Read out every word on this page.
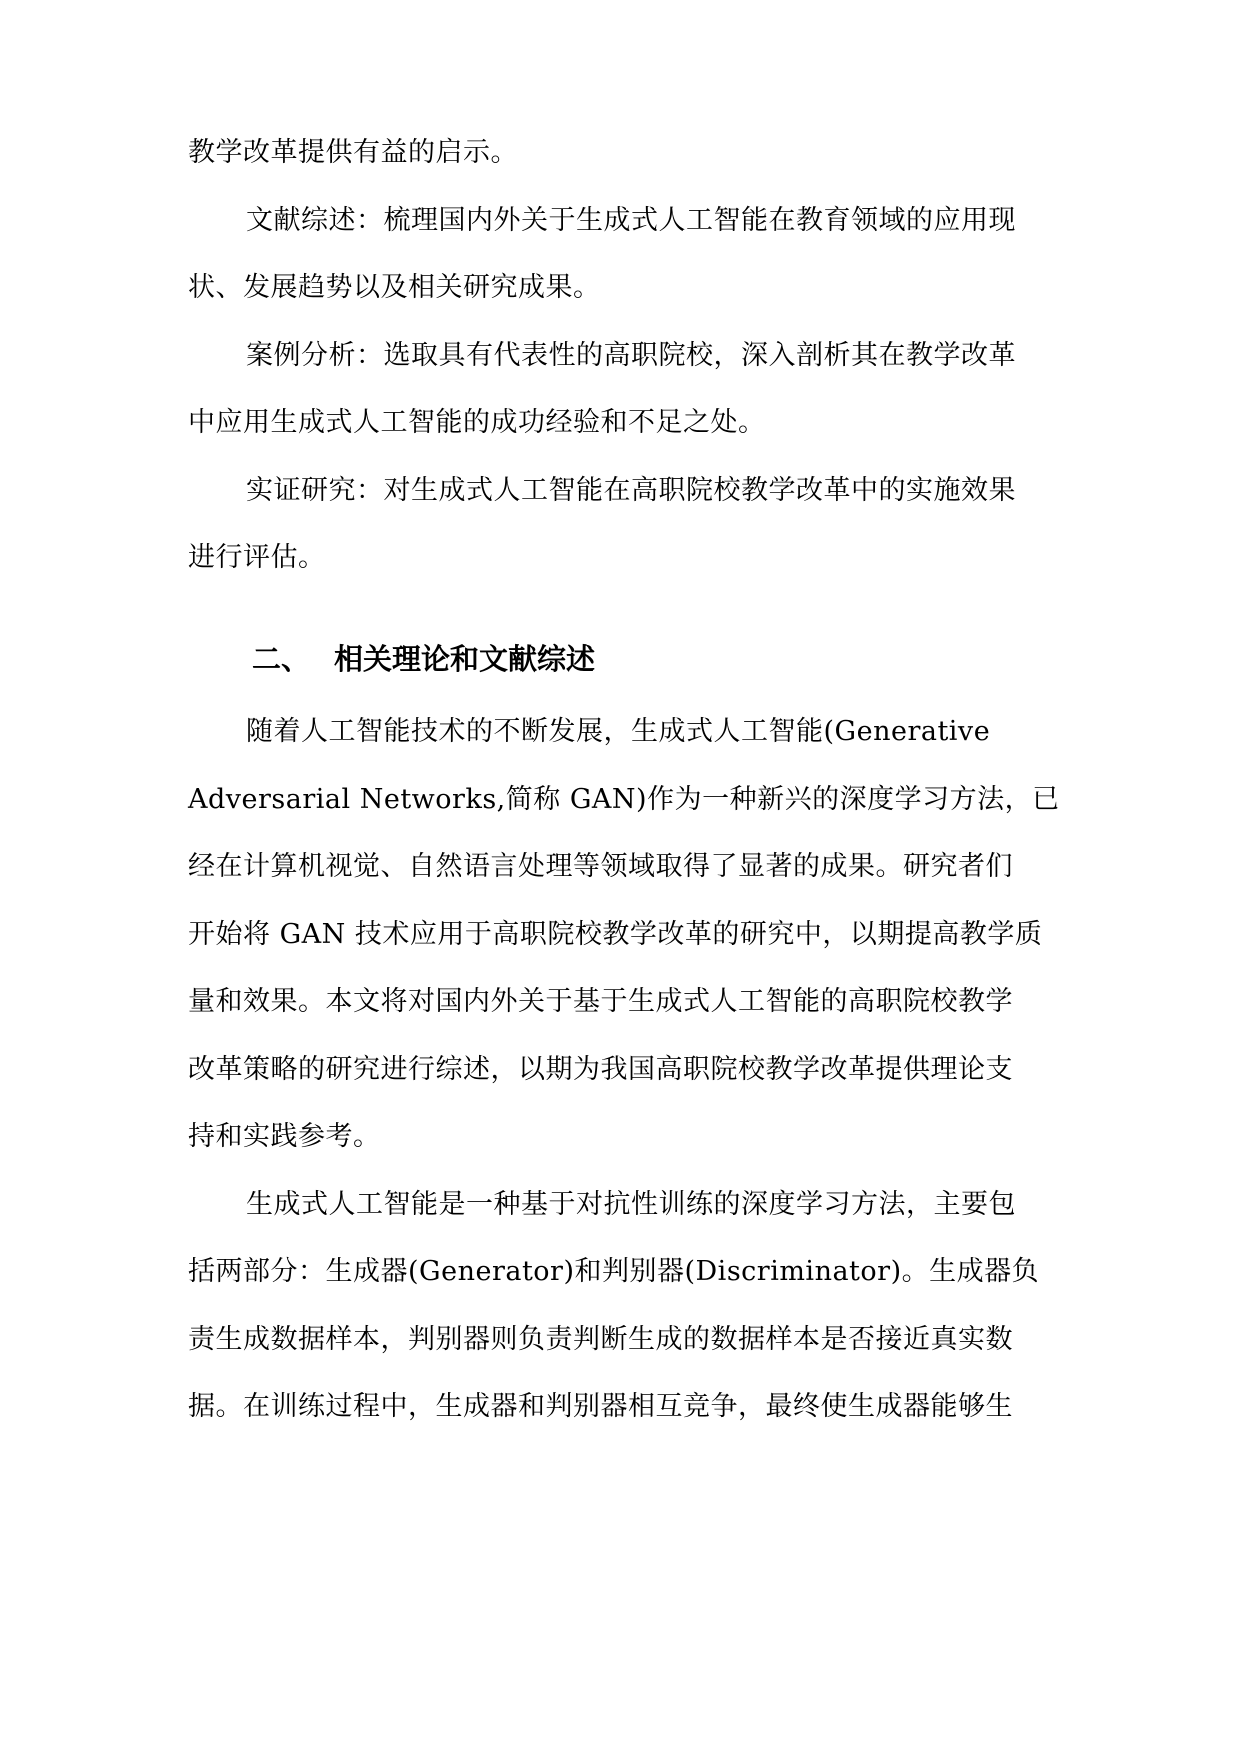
教学改革提供有益的启示。
文献综述：梳理国内外关于生成式人工智能在教育领域的应用现
状、发展趋势以及相关研究成果。
案例分析：选取具有代表性的高职院校，深入剖析其在教学改革
中应用生成式人工智能的成功经验和不足之处。
实证研究：对生成式人工智能在高职院校教学改革中的实施效果
进行评估。
二、 相关理论和文献综述
随着人工智能技术的不断发展，生成式人工智能(Generative
Adversarial Networks,简称 GAN)作为一种新兴的深度学习方法，已
经在计算机视觉、自然语言处理等领域取得了显著的成果。研究者们
开始将 GAN 技术应用于高职院校教学改革的研究中，以期提高教学质
量和效果。本文将对国内外关于基于生成式人工智能的高职院校教学
改革策略的研究进行综述，以期为我国高职院校教学改革提供理论支
持和实践参考。
生成式人工智能是一种基于对抗性训练的深度学习方法，主要包
括两部分：生成器(Generator)和判别器(Discriminator)。生成器负
责生成数据样本，判别器则负责判断生成的数据样本是否接近真实数
据。在训练过程中，生成器和判别器相互竞争，最终使生成器能够生
